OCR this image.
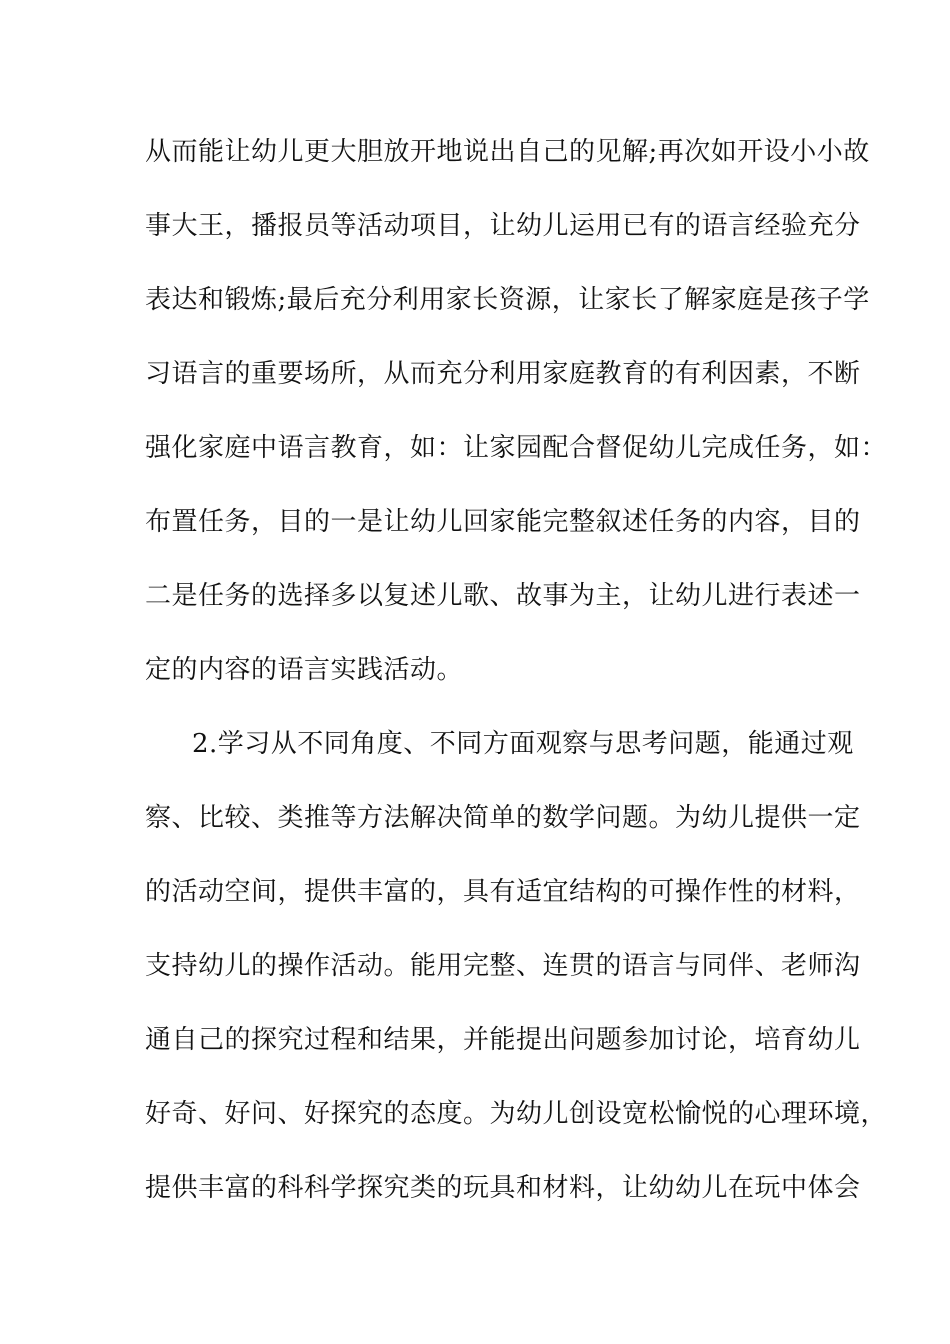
从而能让幼儿更大胆放开地说出自己的见解;再次如开设小小故
事大王，播报员等活动项目，让幼儿运用已有的语言经验充分
表达和锻炼;最后充分利用家长资源，让家长了解家庭是孩子学
习语言的重要场所，从而充分利用家庭教育的有利因素，不断
强化家庭中语言教育，如：让家园配合督促幼儿完成任务，如：
布置任务，目的一是让幼儿回家能完整叙述任务的内容，目的
二是任务的选择多以复述儿歌、故事为主，让幼儿进行表述一
定的内容的语言实践活动。
2.学习从不同角度、不同方面观察与思考问题，能通过观
察、比较、类推等方法解决简单的数学问题。为幼儿提供一定
的活动空间，提供丰富的，具有适宜结构的可操作性的材料，
支持幼儿的操作活动。能用完整、连贯的语言与同伴、老师沟
通自己的探究过程和结果，并能提出问题参加讨论，培育幼儿
好奇、好问、好探究的态度。为幼儿创设宽松愉悦的心理环境，
提供丰富的科科学探究类的玩具和材料，让幼幼儿在玩中体会
